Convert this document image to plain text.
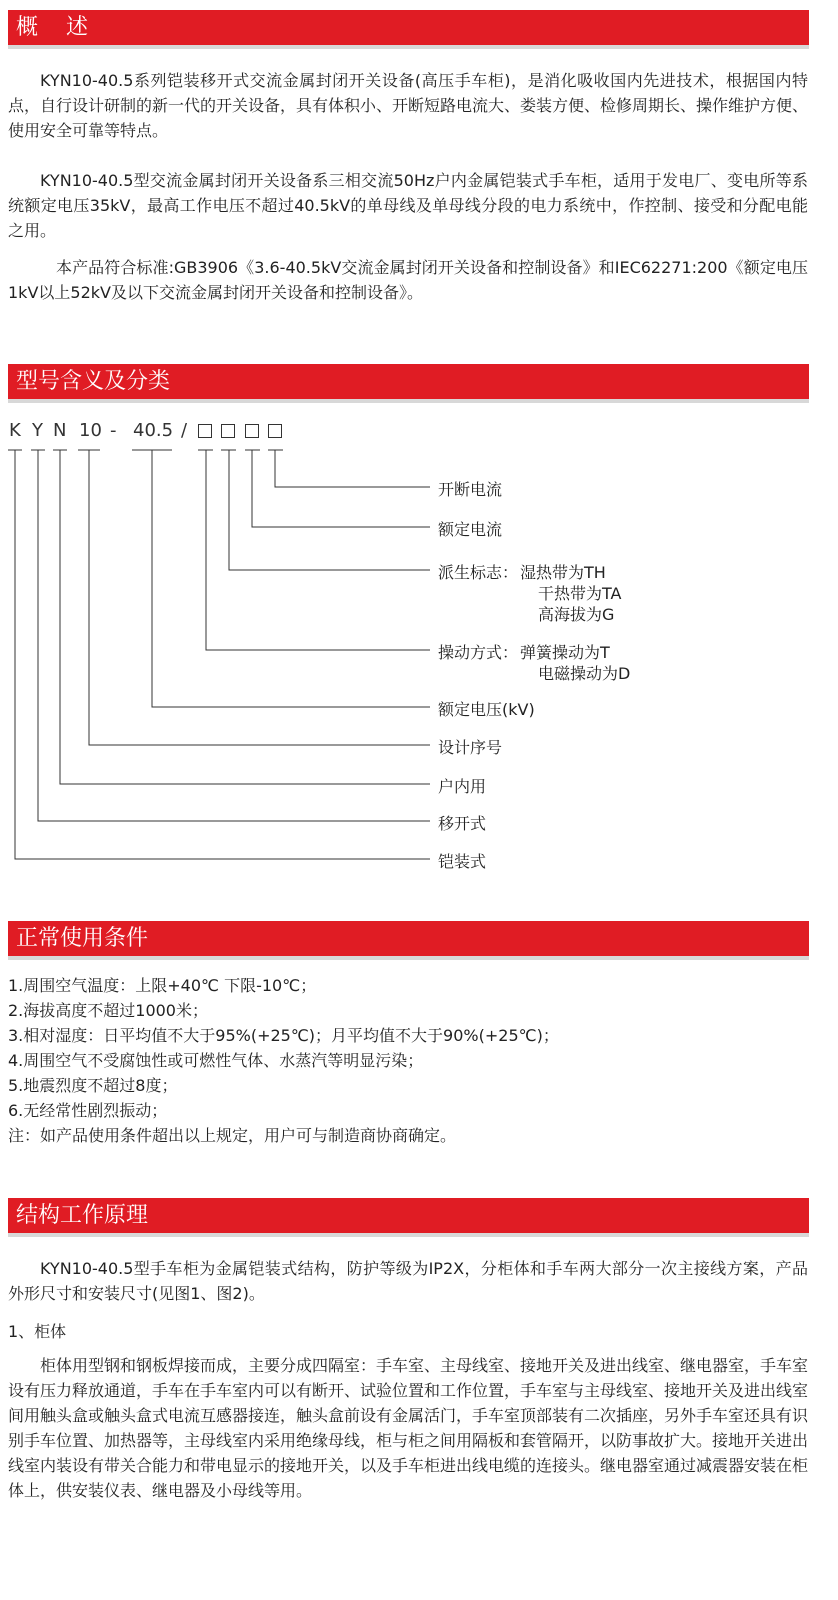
概    述

KYN10-40.5系列铠装移开式交流金属封闭开关设备(高压手车柜)，是消化吸收国内先进技术，根据国内特点，自行设计研制的新一代的开关设备，具有体积小、开断短路电流大、娄装方便、检修周期长、操作维护方便、使用安全可靠等特点。

KYN10-40.5型交流金属封闭开关设备系三相交流50Hz户内金属铠装式手车柜，适用于发电厂、变电所等系统额定电压35kV，最高工作电压不超过40.5kV的单母线及单母线分段的电力系统中，作控制、接受和分配电能之用。

本产品符合标准:GB3906《3.6-40.5kV交流金属封闭开关设备和控制设备》和IEC62271:200《额定电压1kV以上52kV及以下交流金属封闭开关设备和控制设备》。

型号含义及分类
K Y N 10 - 40.5 /
开断电流
额定电流
派生标志： 湿热带为TH
干热带为TA
高海拔为G
操动方式： 弹簧操动为T
电磁操动为D
额定电压(kV)
设计序号
户内用
移开式
铠装式
正常使用条件
1.周围空气温度：上限+40℃ 下限-10℃；
2.海拔高度不超过1000米；
3.相对湿度：日平均值不大于95%(+25℃)；月平均值不大于90%(+25℃)；
4.周围空气不受腐蚀性或可燃性气体、水蒸汽等明显污染；
5.地震烈度不超过8度；
6.无经常性剧烈振动；
注：如产品使用条件超出以上规定，用户可与制造商协商确定。
结构工作原理

KYN10-40.5型手车柜为金属铠装式结构，防护等级为IP2X，分柜体和手车两大部分一次主接线方案，产品外形尺寸和安装尺寸(见图1、图2)。

1、柜体

柜体用型钢和钢板焊接而成，主要分成四隔室：手车室、主母线室、接地开关及进出线室、继电器室，手车室设有压力释放通道，手车在手车室内可以有断开、试验位置和工作位置，手车室与主母线室、接地开关及进出线室间用触头盒或触头盒式电流互感器接连，触头盒前设有金属活门，手车室顶部装有二次插座，另外手车室还具有识别手车位置、加热器等，主母线室内采用绝缘母线，柜与柜之间用隔板和套管隔开，以防事故扩大。接地开关进出线室内装设有带关合能力和带电显示的接地开关，以及手车柜进出线电缆的连接头。继电器室通过减震器安装在柜体上，供安装仪表、继电器及小母线等用。
